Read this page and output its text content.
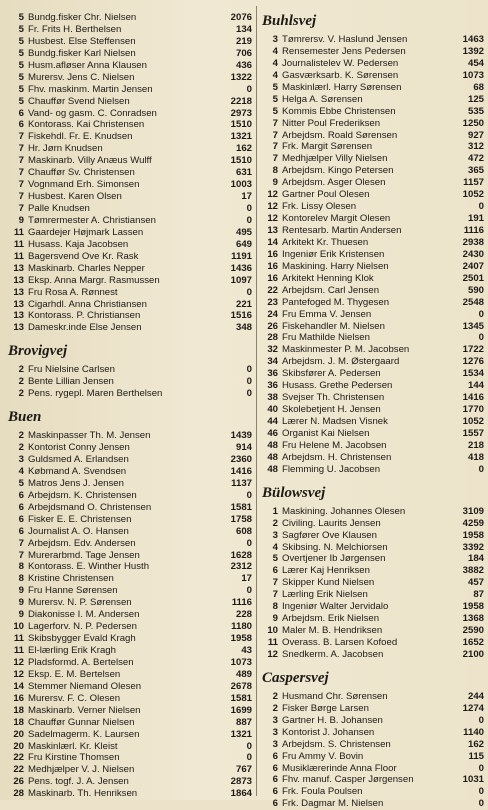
5 Bundg.fisker Chr. Nielsen	2076
5 Fr. Frits H. Berthelsen	134
5 Husbest. Else Steffensen	219
5 Bundg.fisker Karl Nielsen	706
5 Husm.afløser Anna Klausen	436
5 Murersv. Jens C. Nielsen	1322
5 Fhv. maskinm. Martin Jensen	0
5 Chauffør Svend Nielsen	2218
6 Vand- og gasm. C. Conradsen	2973
6 Kontorass. Kai Christensen	1510
7 Fiskehdl. Fr. E. Knudsen	1321
7 Hr. Jørn Knudsen	162
7 Maskinarb. Villy Anæus Wulff	1510
7 Chauffør Sv. Christensen	631
7 Vognmand Erh. Simonsen	1003
7 Husbest. Karen Olsen	17
7 Palle Knudsen	0
9 Tømrermester A. Christiansen	0
11 Gaardejer Højmark Lassen	495
11 Husass. Kaja Jacobsen	649
11 Bagersvend Ove Kr. Rask	1191
13 Maskinarb. Charles Nepper	1436
13 Eksp. Anna Margr. Rasmussen	1097
13 Fru Rosa A. Rønnest	0
13 Cigarhdl. Anna Christiansen	221
13 Kontorass. P. Christiansen	1516
13 Dameskr.inde Else Jensen	348
Brovigvej
2 Fru Nielsine Carlsen	0
2 Bente Lillian Jensen	0
2 Pens. rygepl. Maren Berthelsen	0
Buen
2 Maskinpasser Th. M. Jensen	1439
2 Kontorist Conny Jensen	914
3 Guldsmed A. Erlandsen	2360
4 Købmand A. Svendsen	1416
5 Matros Jens J. Jensen	1137
6 Arbejdsm. K. Christensen	0
6 Arbejdsmand O. Christensen	1581
6 Fisker E. E. Christensen	1758
6 Journalist A. O. Hansen	608
7 Arbejdsm. Edv. Andersen	0
7 Murerarbmd. Tage Jensen	1628
8 Kontorass. E. Winther Husth	2312
8 Kristine Christensen	17
9 Fru Hanne Sørensen	0
9 Murersv. N. P. Sørensen	1116
9 Diakonisse I. M. Andersen	228
10 Lagerforv. N. P. Pedersen	1180
11 Skibsbygger Evald Kragh	1958
11 El-lærling Erik Kragh	43
12 Pladsformd. A. Bertelsen	1073
12 Eksp. E. M. Bertelsen	489
14 Stemmer Niemand Olesen	2678
16 Murersv. F. C. Olesen	1581
18 Maskinarb. Verner Nielsen	1699
18 Chauffør Gunnar Nielsen	887
20 Sadelmagerm. K. Laursen	1321
20 Maskinlærl. Kr. Kleist	0
22 Fru Kirstine Thomsen	0
22 Medhjælper V. J. Nielsen	767
26 Pens. togf. J. A. Jensen	2873
28 Maskinarb. Th. Henriksen	1864
Buhlsvej
3 Tømrersv. V. Haslund Jensen	1463
4 Rensemester Jens Pedersen	1392
4 Journalistelev W. Pedersen	454
4 Gasværksarb. K. Sørensen	1073
5 Maskinlærl. Harry Sørensen	68
5 Helga A. Sørensen	125
5 Kommis Ebbe Christensen	535
7 Nitter Poul Frederiksen	1250
7 Arbejdsm. Roald Sørensen	927
7 Frk. Margit Sørensen	312
7 Medhjælper Villy Nielsen	472
8 Arbejdsm. Kingo Petersen	365
9 Arbejdsm. Asger Olesen	1157
12 Gartner Poul Olesen	1052
12 Frk. Lissy Olesen	0
12 Kontorelev Margit Olesen	191
13 Rentesarb. Martin Andersen	1116
14 Arkitekt Kr. Thuesen	2938
16 Ingeniør Erik Kristensen	2430
16 Maskining. Harry Nielsen	2407
16 Arkitekt Henning Klok	2501
22 Arbejdsm. Carl Jensen	590
23 Pantefoged M. Thygesen	2548
24 Fru Emma V. Jensen	0
26 Fiskehandler M. Nielsen	1345
28 Fru Mathilde Nielsen	0
32 Maskinmester P. M. Jacobsen	1722
34 Arbejdsm. J. M. Østergaard	1276
36 Skibsfører A. Pedersen	1534
36 Husass. Grethe Pedersen	144
38 Svejser Th. Christensen	1416
40 Skolebetjent H. Jensen	1770
44 Lærer N. Madsen Visnek	1052
46 Organist Kai Nielsen	1557
48 Fru Helene M. Jacobsen	218
48 Arbejdsm. H. Christensen	418
48 Flemming U. Jacobsen	0
Bülowsvej
1 Maskining. Johannes Olesen	3109
2 Civiling. Laurits Jensen	4259
3 Sagfører Ove Klausen	1958
4 Skibsing. N. Melchiorsen	3392
5 Overtjener Ib Jørgensen	184
6 Lærer Kaj Henriksen	3882
7 Skipper Kund Nielsen	457
7 Lærling Erik Nielsen	87
8 Ingeniør Walter Jervidalo	1958
9 Arbejdsm. Erik Nielsen	1368
10 Maler M. B. Hendriksen	2590
11 Overass. B. Larsen Kofoed	1652
12 Snedkerm. A. Jacobsen	2100
Caspersvej
2 Husmand Chr. Sørensen	244
2 Fisker Børge Larsen	1274
3 Gartner H. B. Johansen	0
3 Kontorist J. Johansen	1140
3 Arbejdsm. S. Christensen	162
6 Fru Ammy V. Bovin	115
6 Musiklærerinde Anna Floor	0
6 Fhv. manuf. Casper Jørgensen	1031
6 Frk. Foula Poulsen	0
6 Frk. Dagmar M. Nielsen	0
